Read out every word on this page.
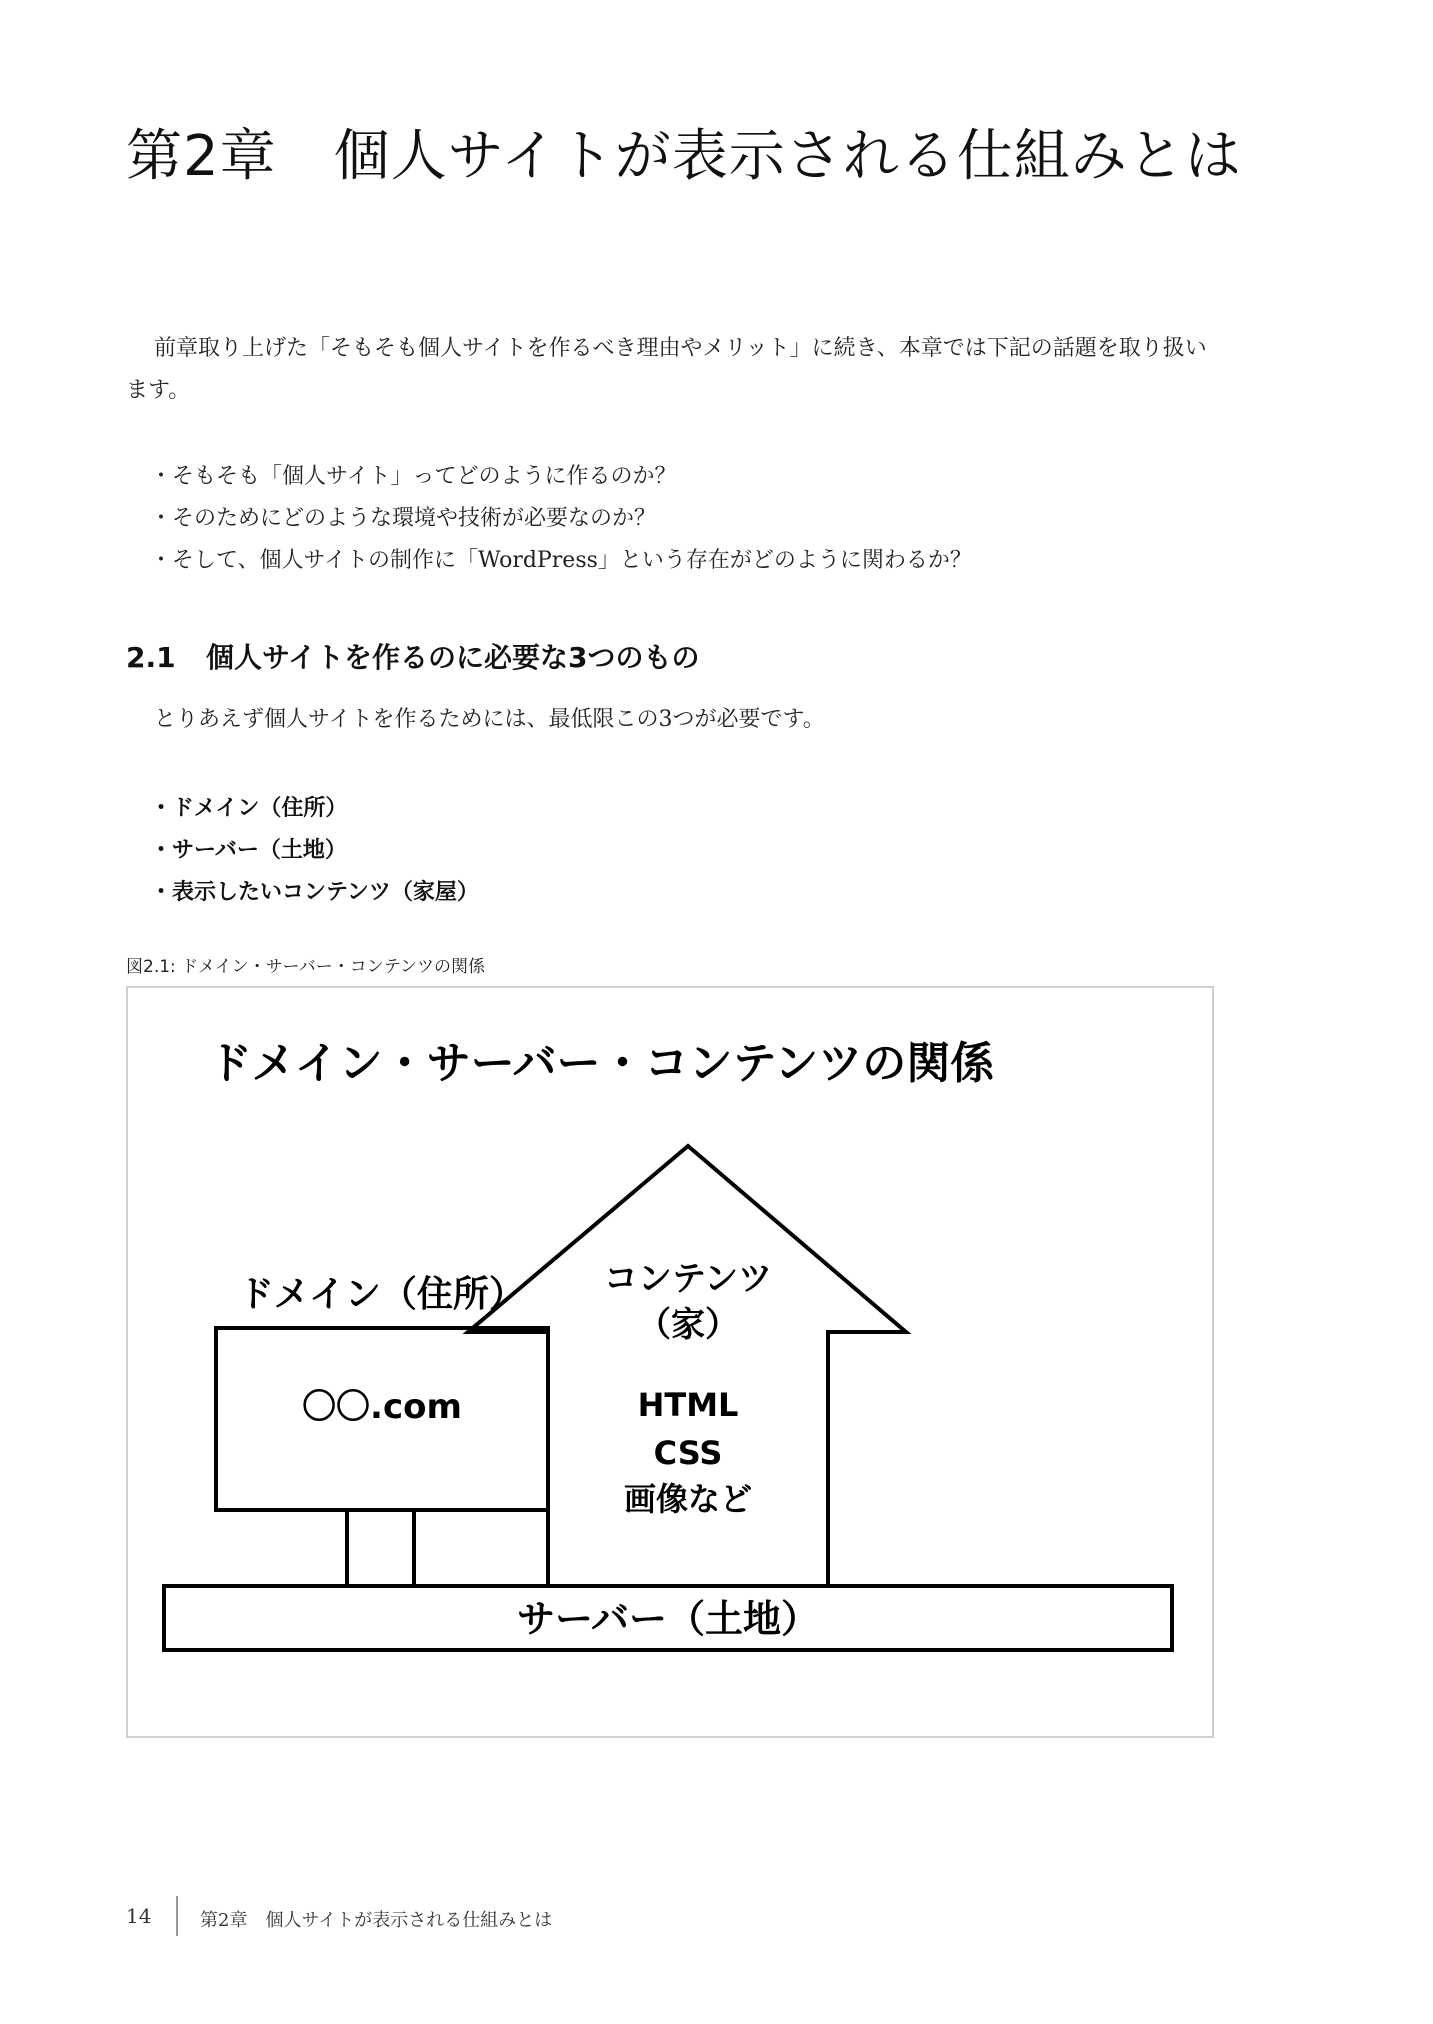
第2章　個人サイトが表示される仕組みとは
前章取り上げた「そもそも個人サイトを作るべき理由やメリット」に続き、本章では下記の話題を取り扱います。
・そもそも「個人サイト」ってどのように作るのか？
・そのためにどのような環境や技術が必要なのか？
・そして、個人サイトの制作に「WordPress」という存在がどのように関わるか？
2.1 個人サイトを作るのに必要な3つのもの
とりあえず個人サイトを作るためには、最低限この3つが必要です。
・ドメイン（住所）
・サーバー（土地）
・表示したいコンテンツ（家屋）
図2.1: ドメイン・サーバー・コンテンツの関係
ドメイン・サーバー・コンテンツの関係
ドメイン（住所）
〇〇.com
コンテンツ
（家）
HTML
CSS
画像など
サーバー（土地）
14	第2章　個人サイトが表示される仕組みとは
